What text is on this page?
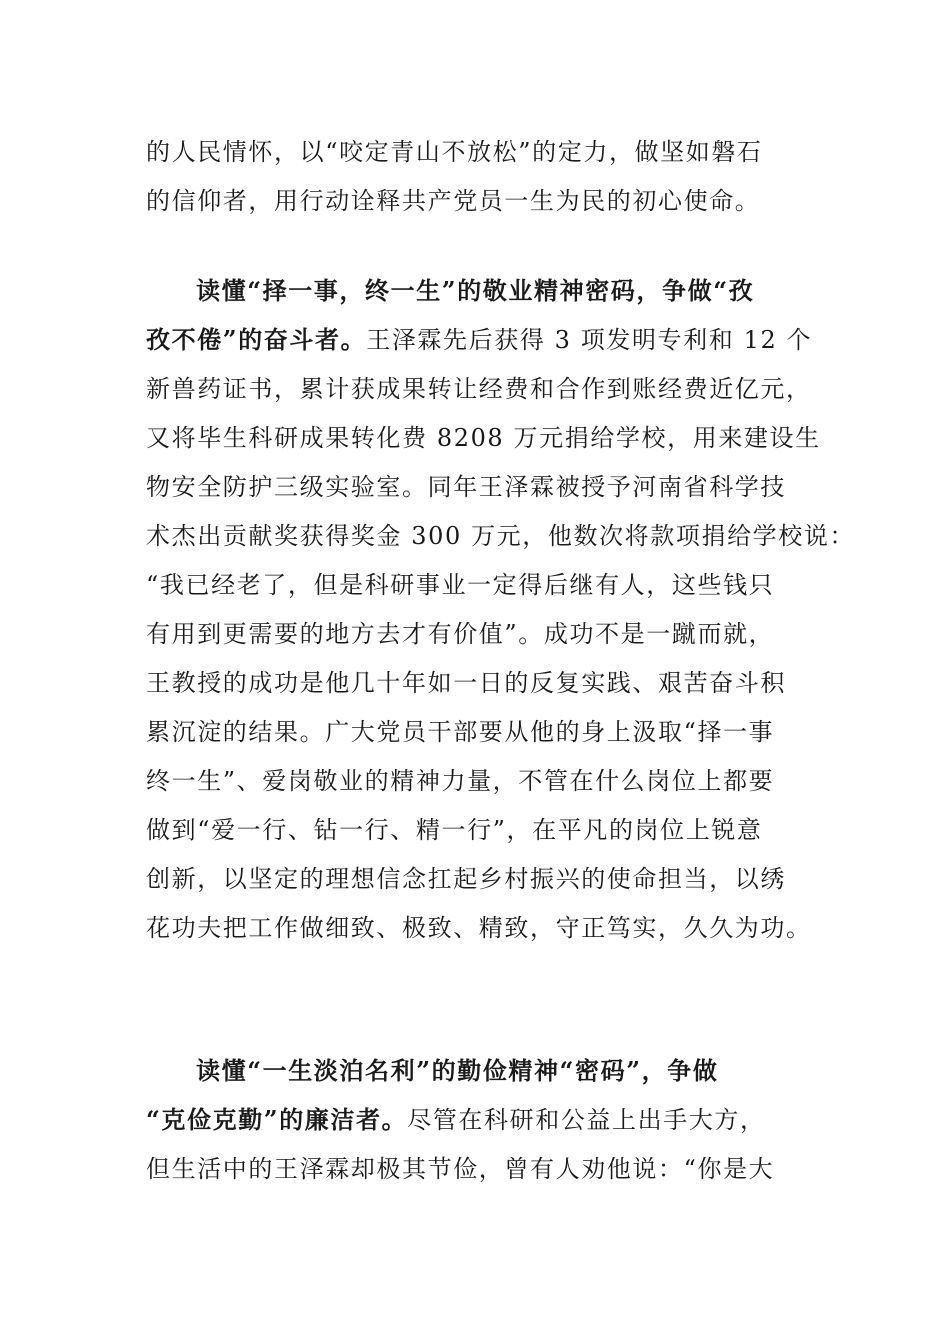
的人民情怀，以“咬定青山不放松”的定力，做坚如磐石
的信仰者，用行动诠释共产党员一生为民的初心使命。
读懂“择一事，终一生”的敬业精神密码，争做“孜
孜不倦”的奋斗者。王泽霖先后获得 3 项发明专利和 12 个
新兽药证书，累计获成果转让经费和合作到账经费近亿元，
又将毕生科研成果转化费 8208 万元捐给学校，用来建设生
物安全防护三级实验室。同年王泽霖被授予河南省科学技
术杰出贡献奖获得奖金 300 万元，他数次将款项捐给学校说：
“我已经老了，但是科研事业一定得后继有人，这些钱只
有用到更需要的地方去才有价值”。成功不是一蹴而就，
王教授的成功是他几十年如一日的反复实践、艰苦奋斗积
累沉淀的结果。广大党员干部要从他的身上汲取“择一事
终一生”、爱岗敬业的精神力量，不管在什么岗位上都要
做到“爱一行、钻一行、精一行”，在平凡的岗位上锐意
创新，以坚定的理想信念扛起乡村振兴的使命担当，以绣
花功夫把工作做细致、极致、精致，守正笃实，久久为功。
读懂“一生淡泊名利”的勤俭精神“密码”，争做
“克俭克勤”的廉洁者。尽管在科研和公益上出手大方，
但生活中的王泽霖却极其节俭，曾有人劝他说：“你是大
